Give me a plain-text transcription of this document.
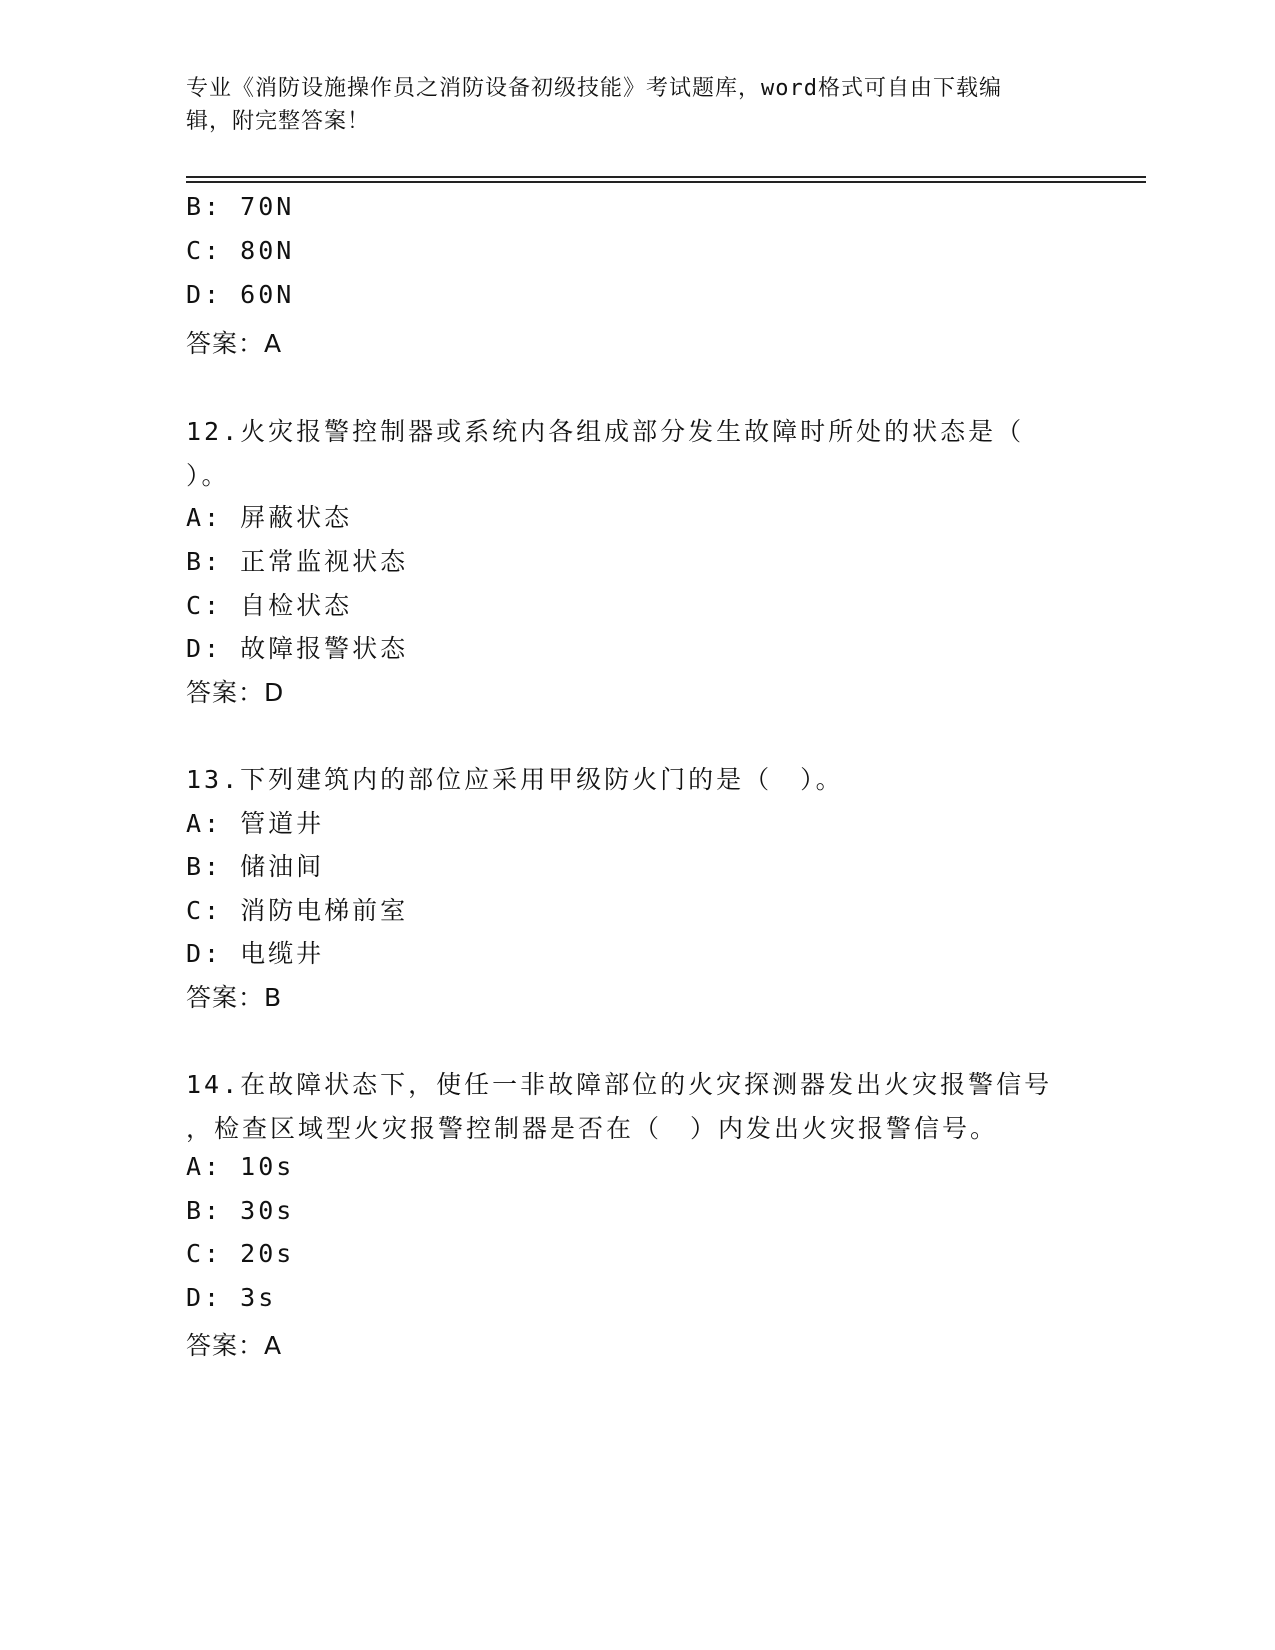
专业《消防设施操作员之消防设备初级技能》考试题库，word格式可自由下载编
辑，附完整答案！
B: 70N
C: 80N
D: 60N
答案：A
12.火灾报警控制器或系统内各组成部分发生故障时所处的状态是（
）。
A: 屏蔽状态
B: 正常监视状态
C: 自检状态
D: 故障报警状态
答案：D
13.下列建筑内的部位应采用甲级防火门的是（　）。
A: 管道井
B: 储油间
C: 消防电梯前室
D: 电缆井
答案：B
14.在故障状态下，使任一非故障部位的火灾探测器发出火灾报警信号
，检查区域型火灾报警控制器是否在（　）内发出火灾报警信号。
A: 10s
B: 30s
C: 20s
D: 3s
答案：A
